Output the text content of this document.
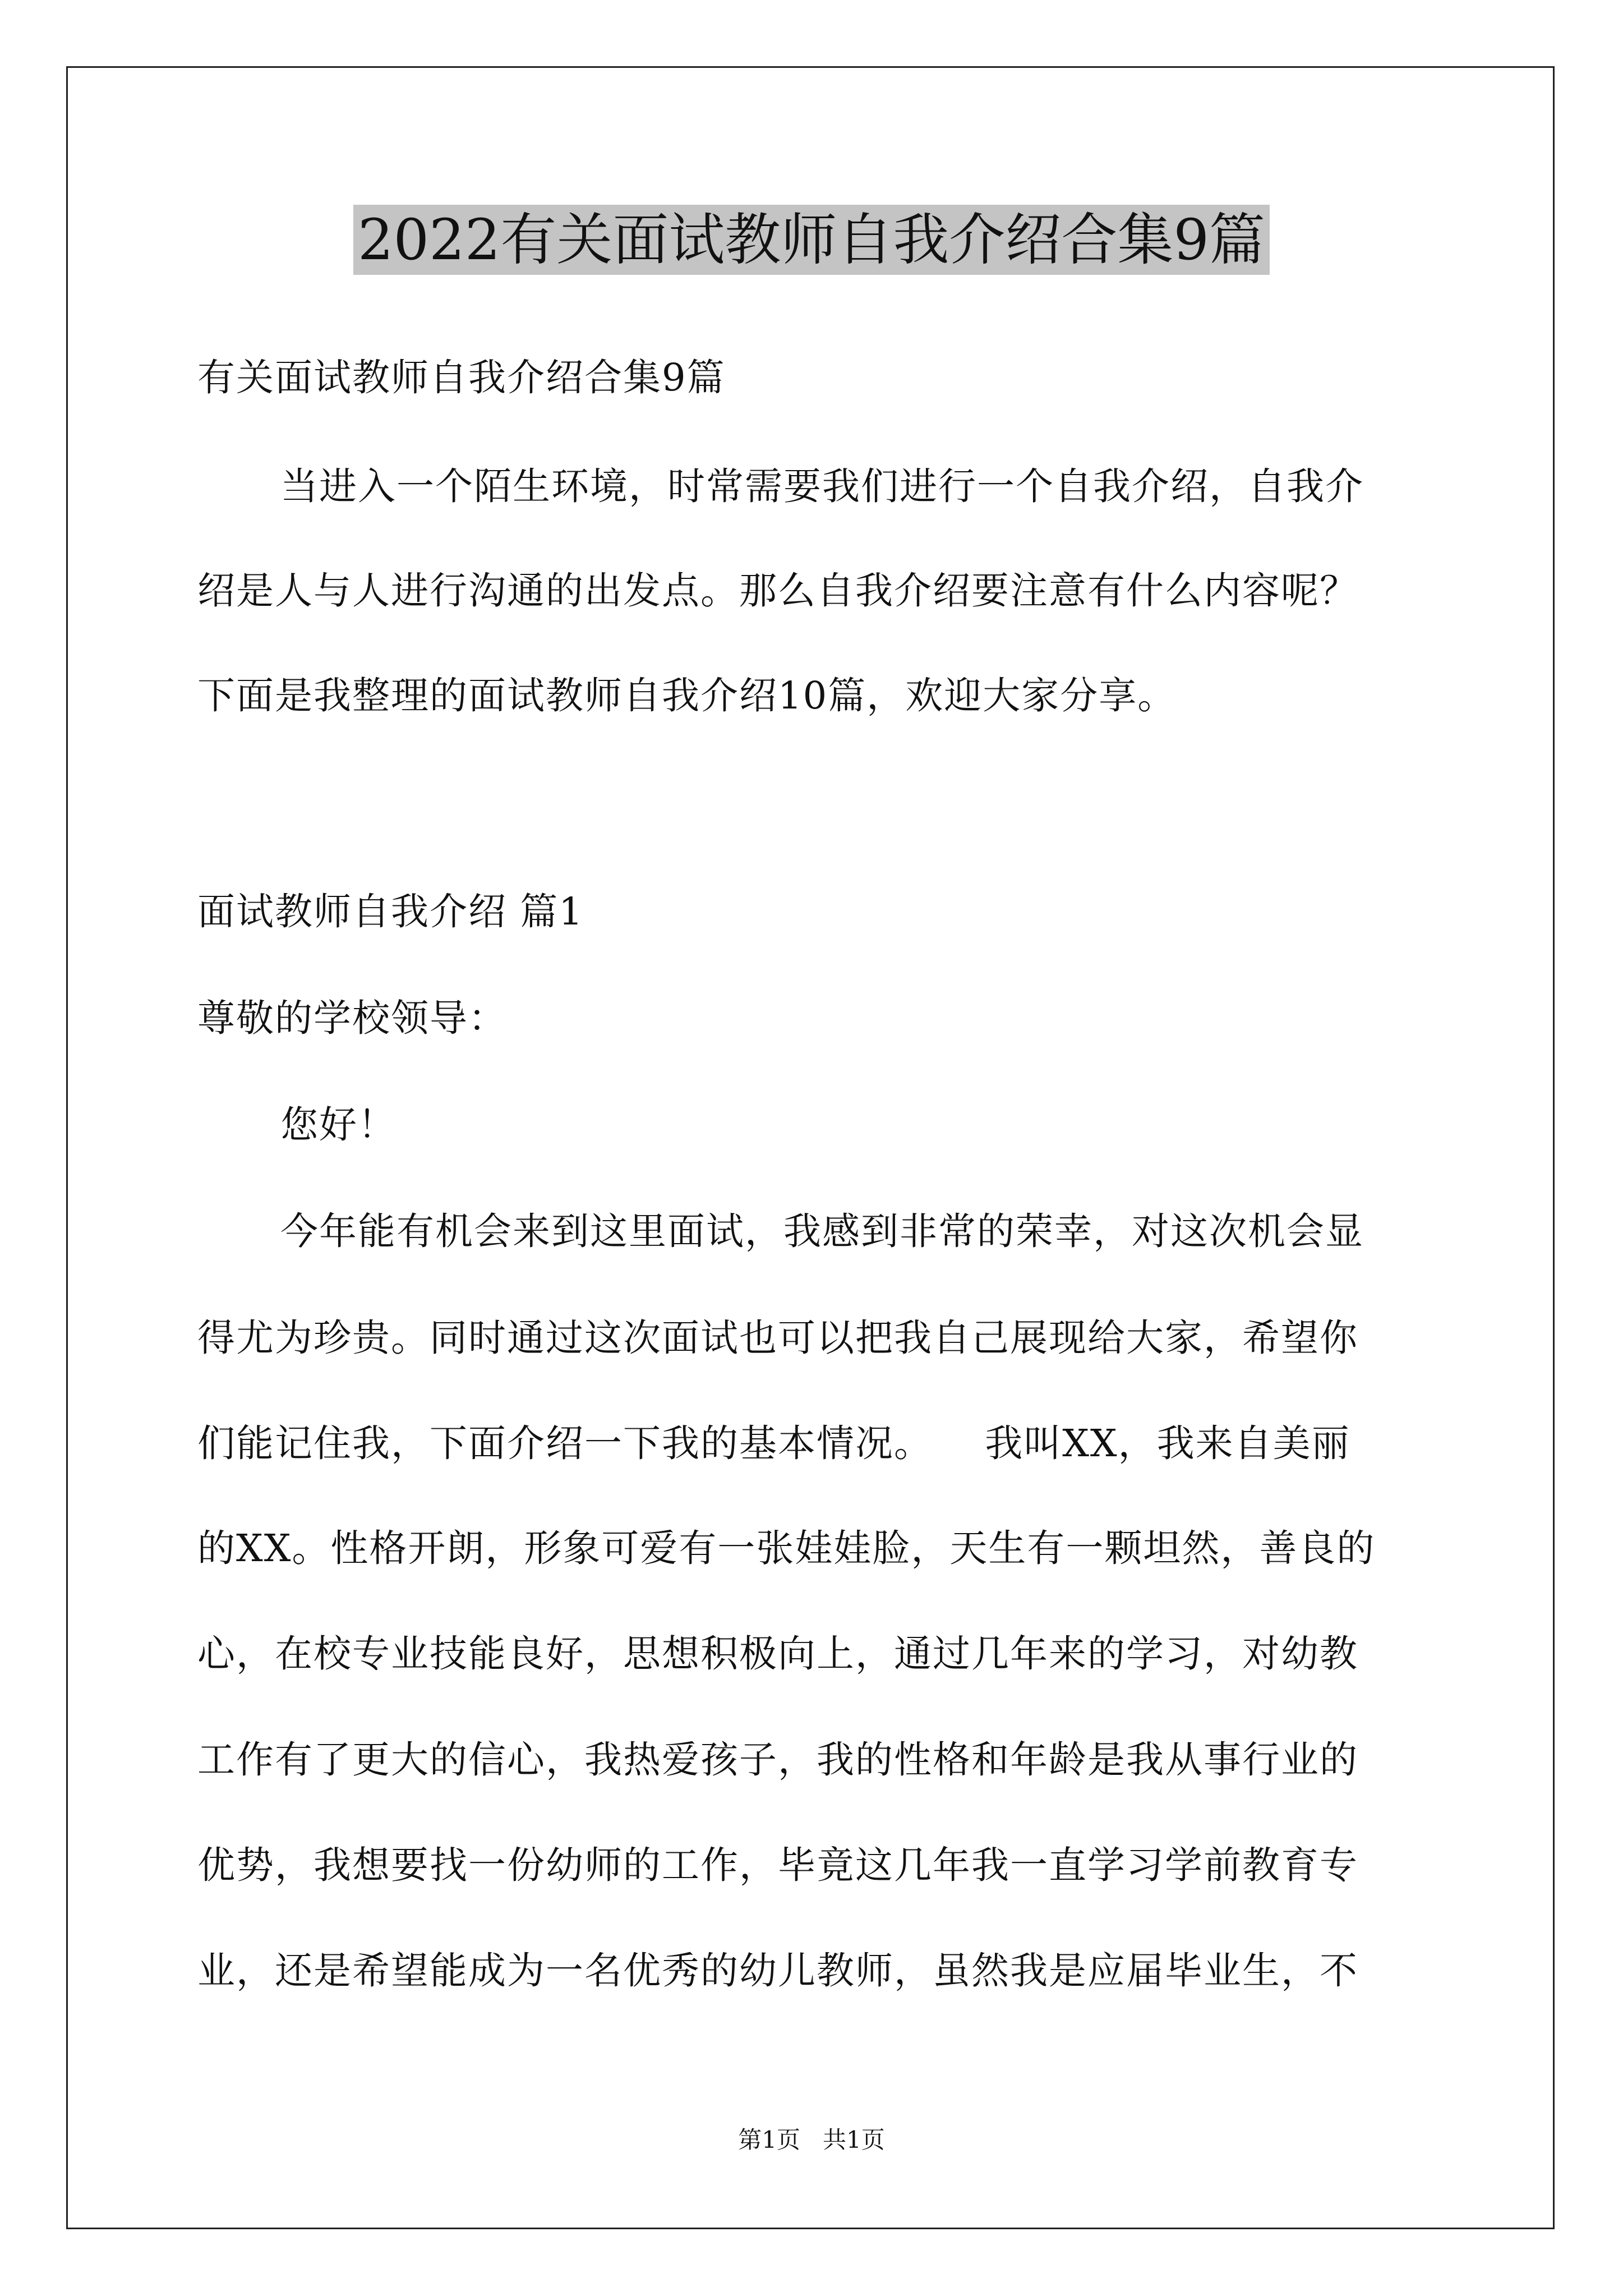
2022有关面试教师自我介绍合集9篇
有关面试教师自我介绍合集9篇
当进入一个陌生环境，时常需要我们进行一个自我介绍，自我介
绍是人与人进行沟通的出发点。那么自我介绍要注意有什么内容呢？
下面是我整理的面试教师自我介绍10篇，欢迎大家分享。
面试教师自我介绍 篇1
尊敬的学校领导：
您好！
今年能有机会来到这里面试，我感到非常的荣幸，对这次机会显
得尤为珍贵。同时通过这次面试也可以把我自己展现给大家，希望你
们能记住我，下面介绍一下我的基本情况。    我叫XX，我来自美丽
的XX。性格开朗，形象可爱有一张娃娃脸，天生有一颗坦然，善良的
心，在校专业技能良好，思想积极向上，通过几年来的学习，对幼教
工作有了更大的信心，我热爱孩子，我的性格和年龄是我从事行业的
优势，我想要找一份幼师的工作，毕竟这几年我一直学习学前教育专
业，还是希望能成为一名优秀的幼儿教师，虽然我是应届毕业生，不
第1页   共1页
